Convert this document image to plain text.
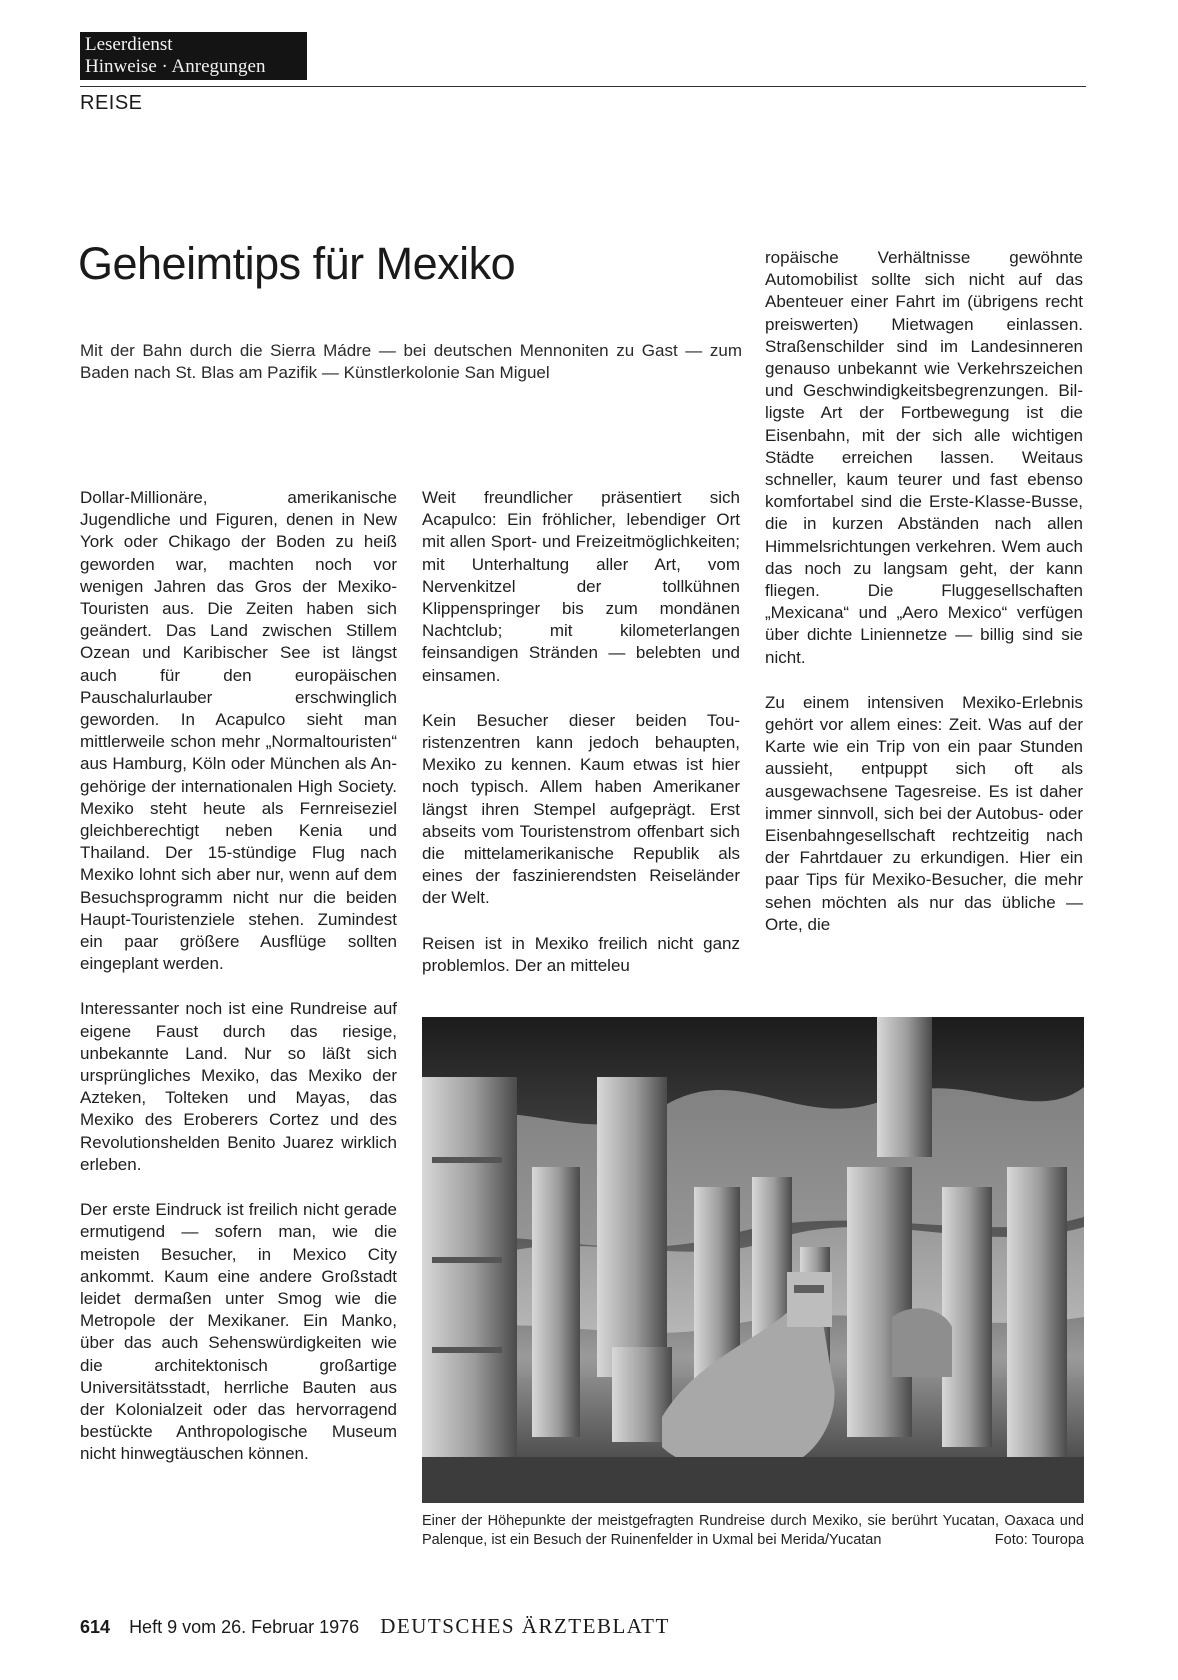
Leserdienst
Hinweise · Anregungen
REISE
Geheimtips für Mexiko
Mit der Bahn durch die Sierra Mádre — bei deutschen Mennoniten zu Gast — zum Baden nach St. Blas am Pazifik — Künstlerkolonie San Miguel

Dollar-Millionäre, amerikanische Jugendliche und Figuren, denen in New York oder Chikago der Boden zu heiß geworden war, machten noch vor wenigen Jahren das Gros der Mexiko-Touristen aus. Die Zeiten haben sich geändert. Das Land zwischen Stillem Ozean und Karibischer See ist längst auch für den europäischen Pauschalurlauber erschwinglich geworden. In Acapulco sieht man mittlerweile schon mehr „Normaltouristen“ aus Hamburg, Köln oder München als Angehörige der internationalen High Society. Mexiko steht heute als Fernreiseziel gleichberechtigt neben Kenia und Thailand. Der 15-stündige Flug nach Mexiko lohnt sich aber nur, wenn auf dem Besuchsprogramm nicht nur die beiden Haupt-Touristenziele stehen. Zumindest ein paar größere Ausflüge sollten eingeplant werden.

Interessanter noch ist eine Rundreise auf eigene Faust durch das riesige, unbekannte Land. Nur so läßt sich ursprüngliches Mexiko, das Mexiko der Azteken, Tolteken und Mayas, das Mexiko des Eroberers Cortez und des Revolutionshelden Benito Juarez wirklich erleben.

Der erste Eindruck ist freilich nicht gerade ermutigend — sofern man, wie die meisten Besucher, in Mexico City ankommt. Kaum eine andere Großstadt leidet dermaßen unter Smog wie die Metropole der Mexikaner. Ein Manko, über das auch Sehenswürdigkeiten wie die architektonisch großartige Universitätsstadt, herrliche Bauten aus der Kolonialzeit oder das hervorragend bestückte Anthropologische Museum nicht hinwegtäuschen können.

Weit freundlicher präsentiert sich Acapulco: Ein fröhlicher, lebendiger Ort mit allen Sport- und Freizeitmöglichkeiten; mit Unterhaltung aller Art, vom Nervenkitzel der tollkühnen Klippenspringer bis zum mondänen Nachtclub; mit kilometerlangen feinsandigen Stränden — belebten und einsamen.

Kein Besucher dieser beiden Touristenzentren kann jedoch behaupten, Mexiko zu kennen. Kaum etwas ist hier noch typisch. Allem haben Amerikaner längst ihren Stempel aufgeprägt. Erst abseits vom Touristenstrom offenbart sich die mittelamerikanische Republik als eines der faszinierendsten Reiseländer der Welt.

Reisen ist in Mexiko freilich nicht ganz problemlos. Der an mitteleu

ropäische Verhältnisse gewöhnte Automobilist sollte sich nicht auf das Abenteuer einer Fahrt im (übrigens recht preiswerten) Mietwagen einlassen. Straßenschilder sind im Landesinneren genauso unbekannt wie Verkehrszeichen und Geschwindigkeitsbegrenzungen. Billigste Art der Fortbewegung ist die Eisenbahn, mit der sich alle wichtigen Städte erreichen lassen. Weitaus schneller, kaum teurer und fast ebenso komfortabel sind die Erste-Klasse-Busse, die in kurzen Abständen nach allen Himmelsrichtungen verkehren. Wem auch das noch zu langsam geht, der kann fliegen. Die Fluggesellschaften „Mexicana“ und „Aero Mexico“ verfügen über dichte Liniennetze — billig sind sie nicht.

Zu einem intensiven Mexiko-Erlebnis gehört vor allem eines: Zeit. Was auf der Karte wie ein Trip von ein paar Stunden aussieht, entpuppt sich oft als ausgewachsene Tagesreise. Es ist daher immer sinnvoll, sich bei der Autobus- oder Eisenbahngesellschaft rechtzeitig nach der Fahrtdauer zu erkundigen. Hier ein paar Tips für Mexiko-Besucher, die mehr sehen möchten als nur das übliche — Orte, die

Einer der Höhepunkte der meistgefragten Rundreise durch Mexiko, sie berührt Yucatan, Oaxaca und Palenque, ist ein Besuch der Ruinenfelder in Uxmal bei Merida/Yucatan	Foto: Touropa
614 Heft 9 vom 26. Februar 1976 DEUTSCHES ÄRZTEBLATT
